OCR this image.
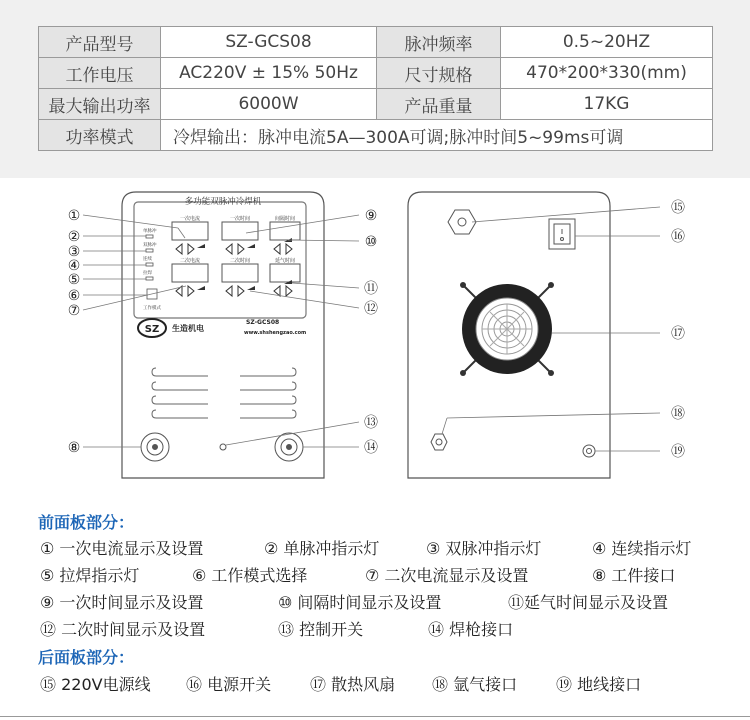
产品型号	SZ-GCS08	脉冲频率	0.5~20HZ
工作电压	AC220V ± 15% 50Hz	尺寸规格	470*200*330(mm)
最大输出功率	6000W	产品重量	17KG
功率模式	冷焊输出：脉冲电流5A—300A可调;脉冲时间5~99ms可调		
多功能双脉冲冷焊机
一次电流	一次时间	间隔时间
二次电流	二次时间	延气时间
单脉冲
双脉冲
连续
拉焊
工作模式
SZ 生造机电
SZ-GCS08
www.shshengzao.com
①
②
③
④
⑤
⑥
⑦
⑧
⑨
⑩
⑪
⑫
⑬
⑭
⑮
⑯
⑰
⑱
⑲
前面板部分：
① 一次电流显示及设置	② 单脉冲指示灯	③ 双脉冲指示灯	④ 连续指示灯
⑤ 拉焊指示灯	⑥ 工作模式选择	⑦ 二次电流显示及设置	⑧ 工件接口
⑨ 一次时间显示及设置	⑩ 间隔时间显示及设置	⑪延气时间显示及设置
⑫ 二次时间显示及设置	⑬ 控制开关	⑭ 焊枪接口
后面板部分：
⑮ 220V电源线 ⑯ 电源开关 ⑰ 散热风扇 ⑱ 氩气接口 ⑲ 地线接口
